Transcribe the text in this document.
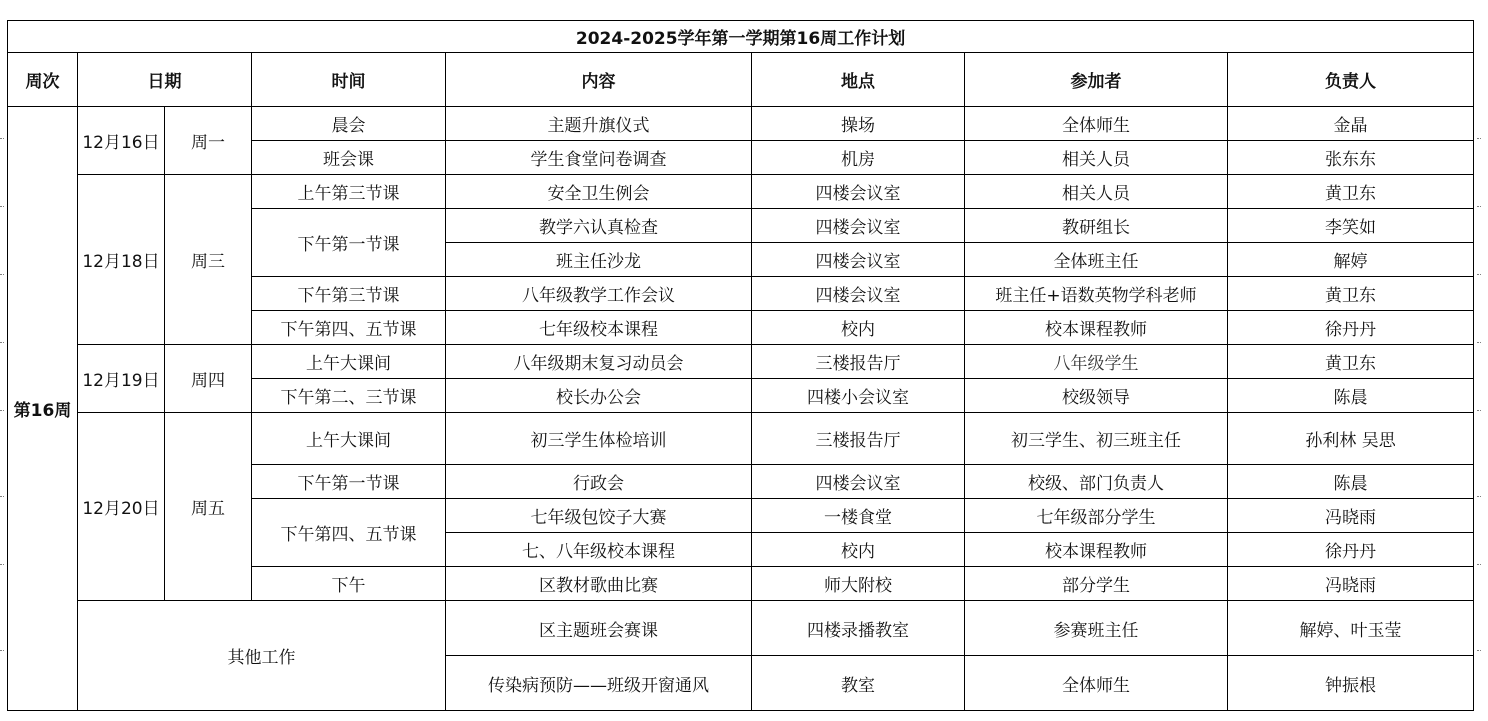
2024-2025学年第一学期第16周工作计划							
周次	日期		时间	内容	地点	参加者	负责人
第16周	12月16日	周一	晨会	主题升旗仪式	操场	全体师生	金晶
			班会课	学生食堂问卷调查	机房	相关人员	张东东
	12月18日	周三	上午第三节课	安全卫生例会	四楼会议室	相关人员	黄卫东
			下午第一节课	教学六认真检查	四楼会议室	教研组长	李笑如
				班主任沙龙	四楼会议室	全体班主任	解婷
			下午第三节课	八年级教学工作会议	四楼会议室	班主任+语数英物学科老师	黄卫东
			下午第四、五节课	七年级校本课程	校内	校本课程教师	徐丹丹
	12月19日	周四	上午大课间	八年级期末复习动员会	三楼报告厅	八年级学生	黄卫东
			下午第二、三节课	校长办公会	四楼小会议室	校级领导	陈晨
	12月20日	周五	上午大课间	初三学生体检培训	三楼报告厅	初三学生、初三班主任	孙利林 吴思
			下午第一节课	行政会	四楼会议室	校级、部门负责人	陈晨
			下午第四、五节课	七年级包饺子大赛	一楼食堂	七年级部分学生	冯晓雨
				七、八年级校本课程	校内	校本课程教师	徐丹丹
			下午	区教材歌曲比赛	师大附校	部分学生	冯晓雨
	其他工作			区主题班会赛课	四楼录播教室	参赛班主任	解婷、叶玉莹
				传染病预防——班级开窗通风	教室	全体师生	钟振根
